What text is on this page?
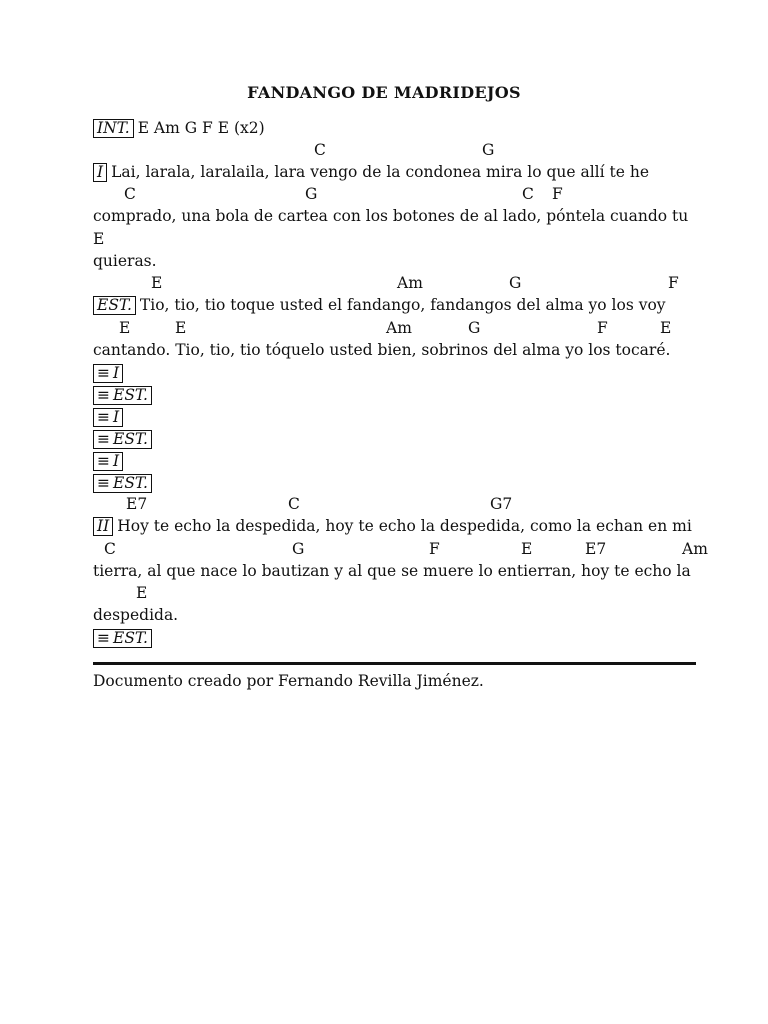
FANDANGO DE MADRIDEJOS
INT. E Am G F E (x2)
C	G
I Lai, larala, laralaila, lara vengo de la condonea mira lo que allí te he
C	G	C F
comprado, una bola de cartea con los botones de al lado, póntela cuando tu
E
quieras.
E	Am	G	F
EST. Tio, tio, tio toque usted el fandango, fandangos del alma yo los voy
E	E	Am	G	F	E
cantando. Tio, tio, tio tóquelo usted bien, sobrinos del alma yo los tocaré.
≡ I
≡ EST.
≡ I
≡ EST.
≡ I
≡ EST.
E7	C	G7
II Hoy te echo la despedida, hoy te echo la despedida, como la echan en mi
C	G	F	E	E7	Am
tierra, al que nace lo bautizan y al que se muere lo entierran, hoy te echo la
E
despedida.
≡ EST.
Documento creado por Fernando Revilla Jiménez.
